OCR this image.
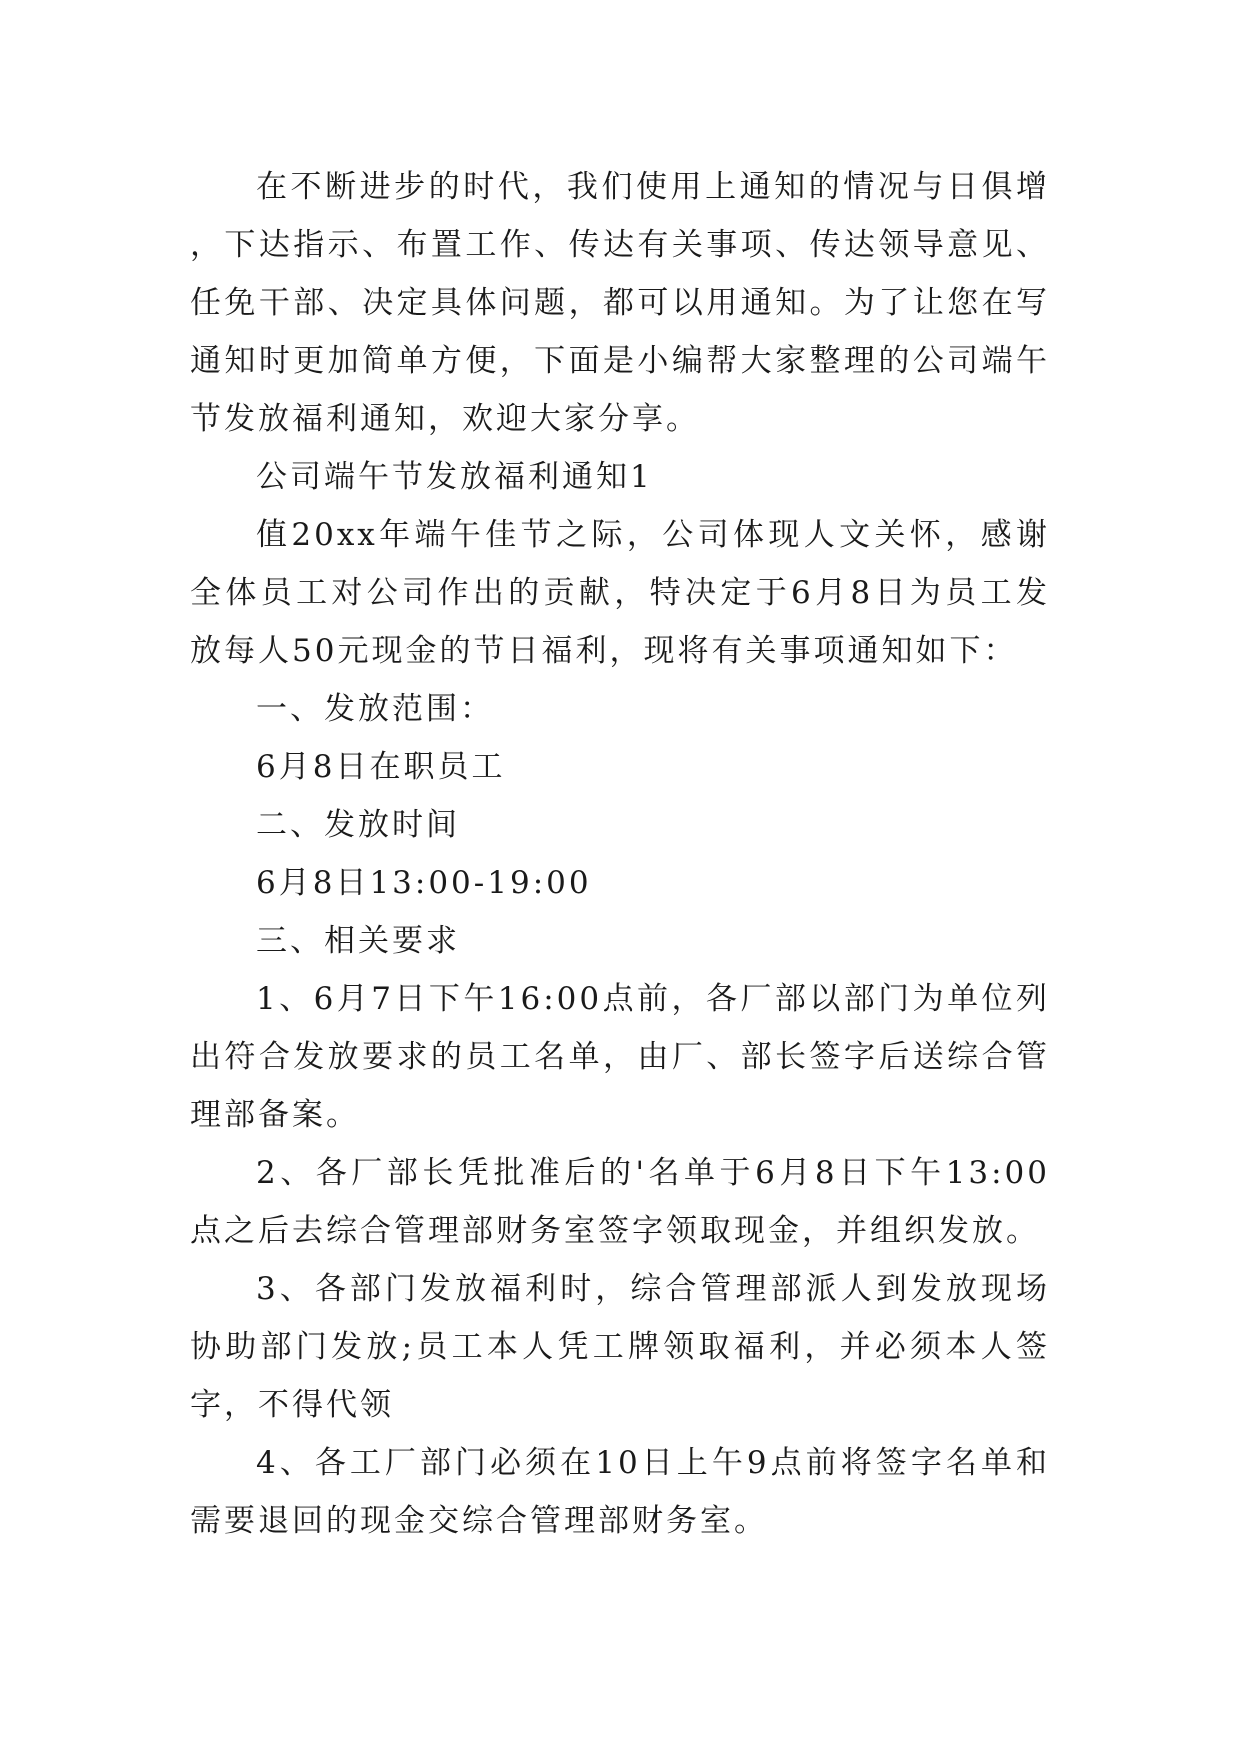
在不断进步的时代，我们使用上通知的情况与日俱增，下达指示、布置工作、传达有关事项、传达领导意见、任免干部、决定具体问题，都可以用通知。为了让您在写通知时更加简单方便，下面是小编帮大家整理的公司端午节发放福利通知，欢迎大家分享。

公司端午节发放福利通知1

值20xx年端午佳节之际，公司体现人文关怀，感谢全体员工对公司作出的贡献，特决定于6月8日为员工发放每人50元现金的节日福利，现将有关事项通知如下：

一、发放范围：

6月8日在职员工

二、发放时间

6月8日13:00-19:00

三、相关要求

1、6月7日下午16:00点前，各厂部以部门为单位列出符合发放要求的员工名单，由厂、部长签字后送综合管理部备案。

2、各厂部长凭批准后的'名单于6月8日下午13:00点之后去综合管理部财务室签字领取现金，并组织发放。

3、各部门发放福利时，综合管理部派人到发放现场协助部门发放;员工本人凭工牌领取福利，并必须本人签字，不得代领

4、各工厂部门必须在10日上午9点前将签字名单和需要退回的现金交综合管理部财务室。
